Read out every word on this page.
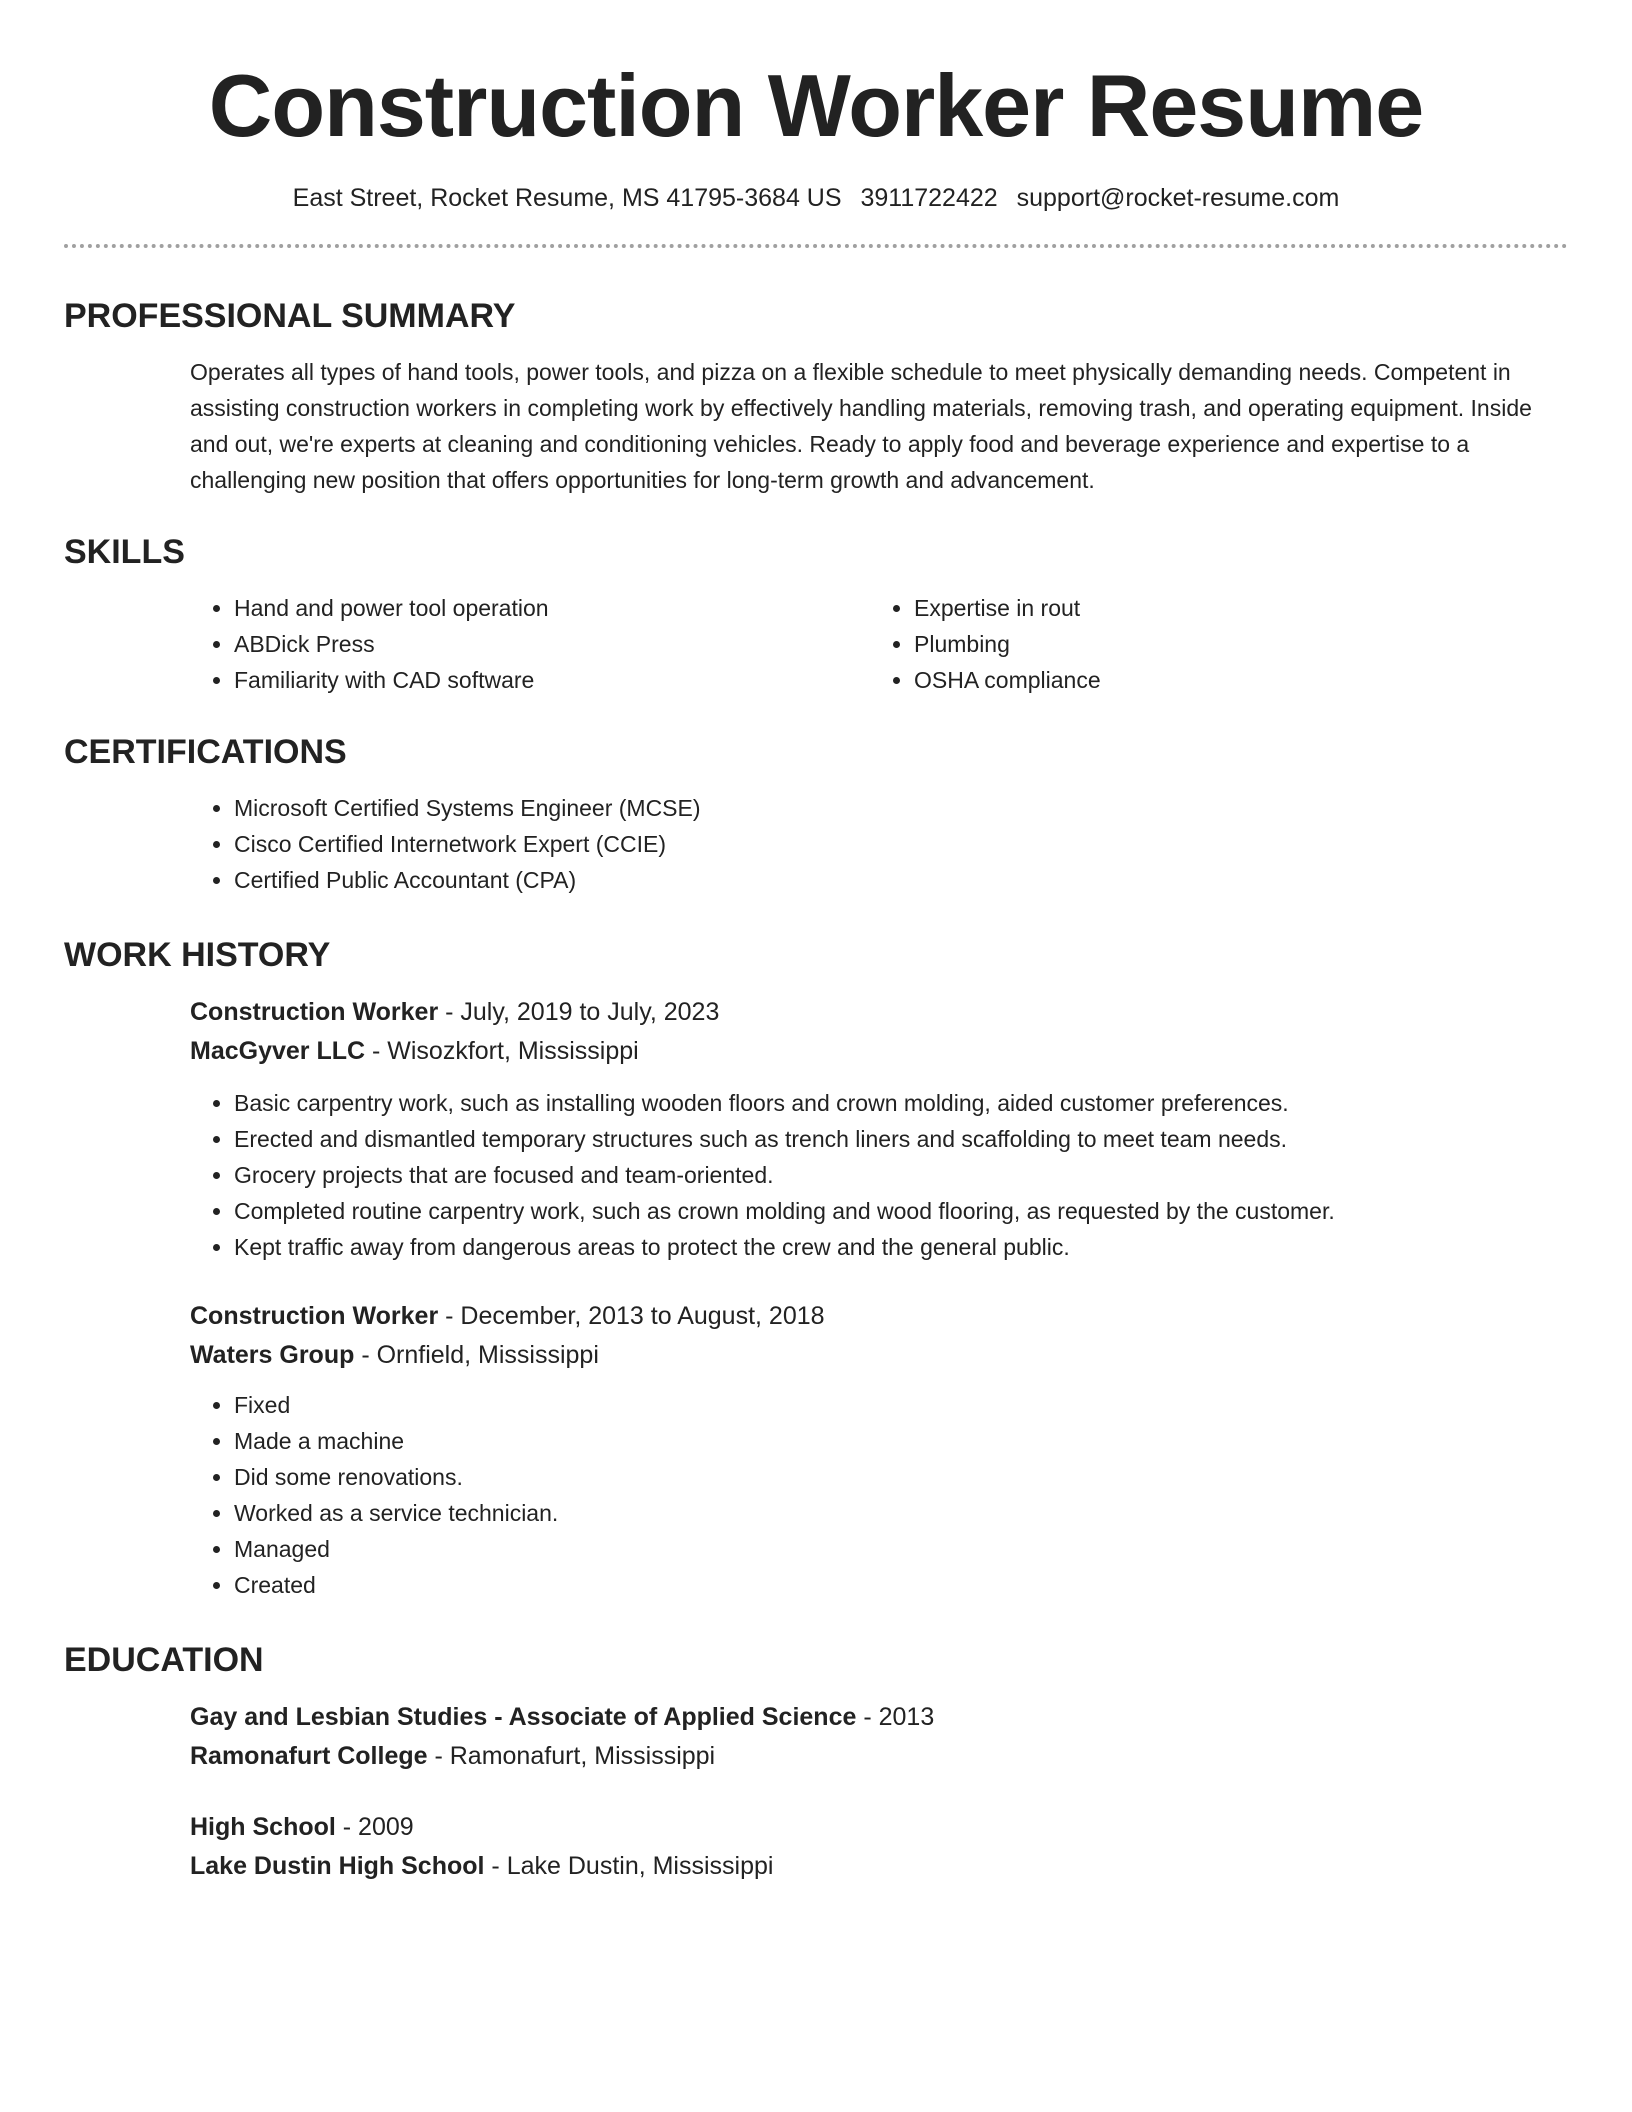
Construction Worker Resume
East Street, Rocket Resume, MS 41795-3684 US 3911722422 support@rocket-resume.com
PROFESSIONAL SUMMARY

Operates all types of hand tools, power tools, and pizza on a flexible schedule to meet physically demanding needs. Competent in assisting construction workers in completing work by effectively handling materials, removing trash, and operating equipment. Inside and out, we're experts at cleaning and conditioning vehicles. Ready to apply food and beverage experience and expertise to a challenging new position that offers opportunities for long-term growth and advancement.

SKILLS
• Hand and power tool operation
• ABDick Press
• Familiarity with CAD software
• Expertise in rout
• Plumbing
• OSHA compliance
CERTIFICATIONS
• Microsoft Certified Systems Engineer (MCSE)
• Cisco Certified Internetwork Expert (CCIE)
• Certified Public Accountant (CPA)
WORK HISTORY
Construction Worker - July, 2019 to July, 2023
MacGyver LLC - Wisozkfort, Mississippi
• Basic carpentry work, such as installing wooden floors and crown molding, aided customer preferences.
• Erected and dismantled temporary structures such as trench liners and scaffolding to meet team needs.
• Grocery projects that are focused and team-oriented.
• Completed routine carpentry work, such as crown molding and wood flooring, as requested by the customer.
• Kept traffic away from dangerous areas to protect the crew and the general public.
Construction Worker - December, 2013 to August, 2018
Waters Group - Ornfield, Mississippi
• Fixed
• Made a machine
• Did some renovations.
• Worked as a service technician.
• Managed
• Created
EDUCATION
Gay and Lesbian Studies - Associate of Applied Science - 2013
Ramonafurt College - Ramonafurt, Mississippi
High School - 2009
Lake Dustin High School - Lake Dustin, Mississippi
